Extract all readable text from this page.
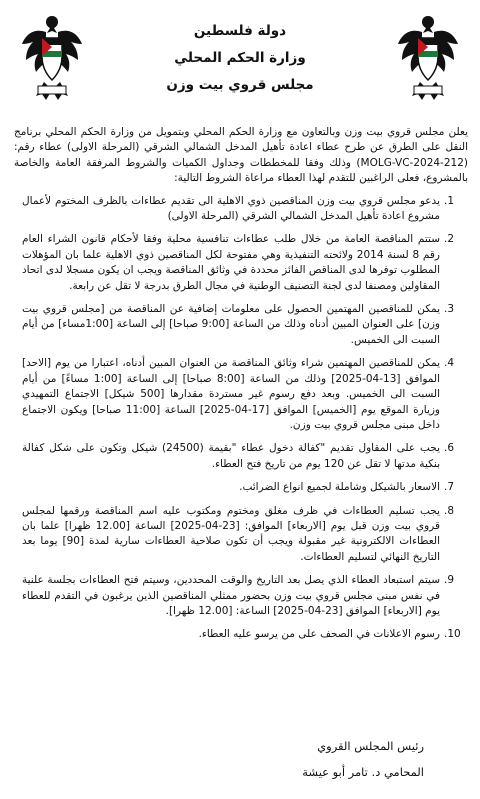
دولة فلسطين
وزارة الحكم المحلي
مجلس قروي بيت وزن

يعلن مجلس قروي بيت وزن وبالتعاون مع وزارة الحكم المحلي وبتمويل من وزارة الحكم المحلي برنامج النقل على الطرق عن طرح عطاء اعادة تأهيل المدخل الشمالي الشرقي (المرحلة الاولى) عطاء رقم: (MOLG-VC-2024-212) وذلك وفقا للمخططات وجداول الكميات والشروط المرفقة العامة والخاصة بالمشروع، فعلى الراغبين للتقدم لهذا العطاء مراعاة الشروط التالية:

1.
يدعو مجلس قروي بيت وزن المناقصين ذوي الاهلية الى تقديم عطاءات بالظرف المختوم لأعمال مشروع اعادة تأهيل المدخل الشمالي الشرقي (المرحلة الاولى)
2.
ستتم المناقصة العامة من خلال طلب عطاءات تنافسية محلية وفقا لأحكام قانون الشراء العام رقم 8 لسنة 2014 ولائحته التنفيذية وهي مفتوحة لكل المناقصين ذوي الاهلية علما بان المؤهلات المطلوب توفرها لدى المناقص الفائز محددة في وثائق المناقصة ويجب ان يكون مسجلا لدى اتحاد المقاولين ومصنفا لدى لجنة التصنيف الوطنية في مجال الطرق بدرجة لا تقل عن رابعة.
3.
يمكن للمناقصين المهتمين الحصول على معلومات إضافية عن المناقصة من [مجلس قروي بيت وزن] على العنوان المبين أدناه وذلك من الساعة [9:00 صباحا] إلى الساعة [1:00مساء] من أيام السبت الى الخميس.
4.
يمكن للمناقصين المهتمين شراء وثائق المناقصة من العنوان المبين أدناه، اعتبارا من يوم [الاحد] الموافق [13-04-2025] وذلك من الساعة [8:00 صباحا] إلى الساعة [1:00 مساءً] من أيام السبت الى الخميس. وبعد دفع رسوم غير مستردة مقدارها [500 شيكل] الاجتماع التمهيدي وزيارة الموقع يوم [الخميس] الموافق [17-04-2025] الساعة [11:00 صباحا] ويكون الاجتماع داخل مبنى مجلس قروي بيت وزن.
6.
يجب على المقاول تقديم "كفالة دخول عطاء "بقيمة (24500) شيكل وتكون على شكل كفالة بنكية مدتها لا تقل عن 120 يوم من تاريخ فتح العطاء.
7.
الاسعار بالشيكل وشاملة لجميع انواع الضرائب.
8.
يجب تسليم العطاءات في ظرف مغلق ومختوم ومكتوب عليه اسم المناقصة ورقمها لمجلس قروي بيت وزن قبل يوم [الاربعاء] الموافق: [23-04-2025] الساعة [12.00 ظهرا] علما بان العطاءات الالكترونية غير مقبولة ويجب أن تكون صلاحية العطاءات سارية لمدة [90] يوما بعد التاريخ النهائي لتسليم العطاءات.
9.
سيتم استبعاد العطاء الذي يصل بعد التاريخ والوقت المحددين، وسيتم فتح العطاءات بجلسة علنية في نفس مبنى مجلس قروي بيت وزن بحضور ممثلي المناقصين الذين يرغبون في التقدم للعطاء يوم [الاربعاء] الموافق [23-04-2025] الساعة: [12.00 ظهرا].
10.
رسوم الاعلانات في الصحف على من يرسو عليه العطاء.
رئيس المجلس القروي
المحامي د. تامر أبو عيشة
